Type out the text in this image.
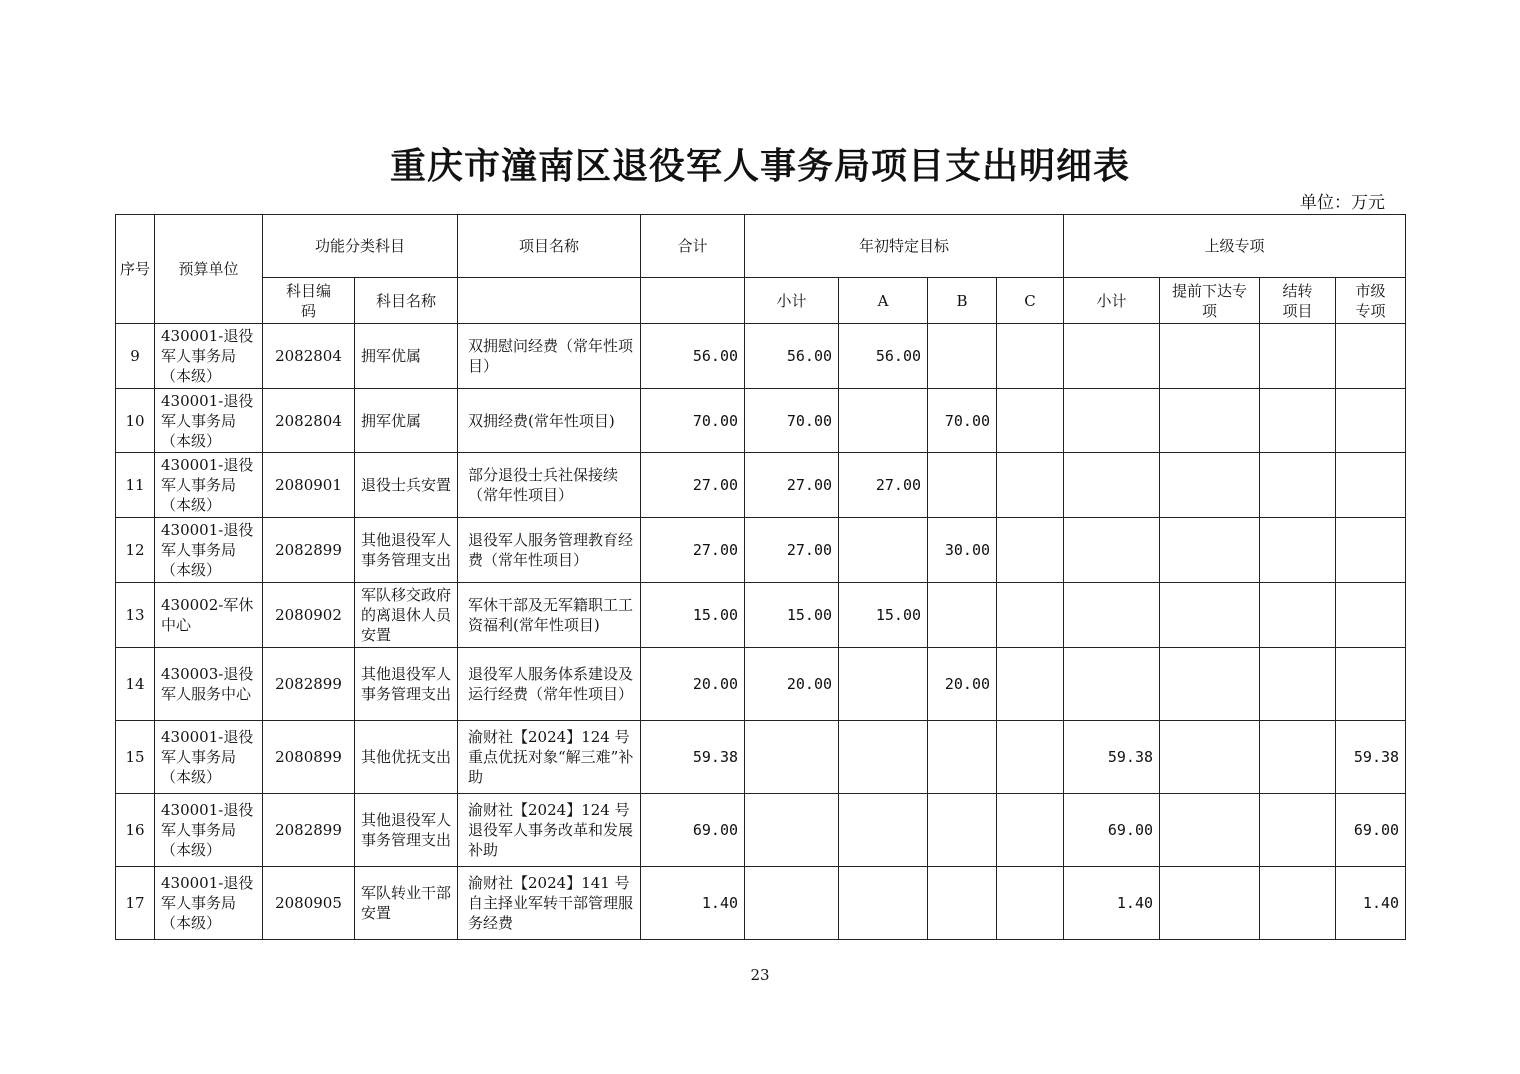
重庆市潼南区退役军人事务局项目支出明细表
单位：万元
序号	预算单位	功能分类科目		项目名称	合计	年初特定目标				上级专项			
		科目编码	科目名称			小计	A	B	C	小计	提前下达专项	结转项目	市级专项
9	430001-退役军人事务局（本级）	2082804	拥军优属	双拥慰问经费（常年性项目）	56.00	56.00	56.00						
10	430001-退役军人事务局（本级）	2082804	拥军优属	双拥经费(常年性项目)	70.00	70.00		70.00					
11	430001-退役军人事务局（本级）	2080901	退役士兵安置	部分退役士兵社保接续（常年性项目）	27.00	27.00	27.00						
12	430001-退役军人事务局（本级）	2082899	其他退役军人事务管理支出	退役军人服务管理教育经费（常年性项目）	27.00	27.00		30.00					
13	430002-军休中心	2080902	军队移交政府的离退休人员安置	军休干部及无军籍职工工资福利(常年性项目)	15.00	15.00	15.00						
14	430003-退役军人服务中心	2082899	其他退役军人事务管理支出	退役军人服务体系建设及运行经费（常年性项目）	20.00	20.00		20.00					
15	430001-退役军人事务局（本级）	2080899	其他优抚支出	渝财社【2024】124 号重点优抚对象“解三难”补助	59.38					59.38			59.38
16	430001-退役军人事务局（本级）	2082899	其他退役军人事务管理支出	渝财社【2024】124 号退役军人事务改革和发展补助	69.00					69.00			69.00
17	430001-退役军人事务局（本级）	2080905	军队转业干部安置	渝财社【2024】141 号自主择业军转干部管理服务经费	1.40					1.40			1.40
23
